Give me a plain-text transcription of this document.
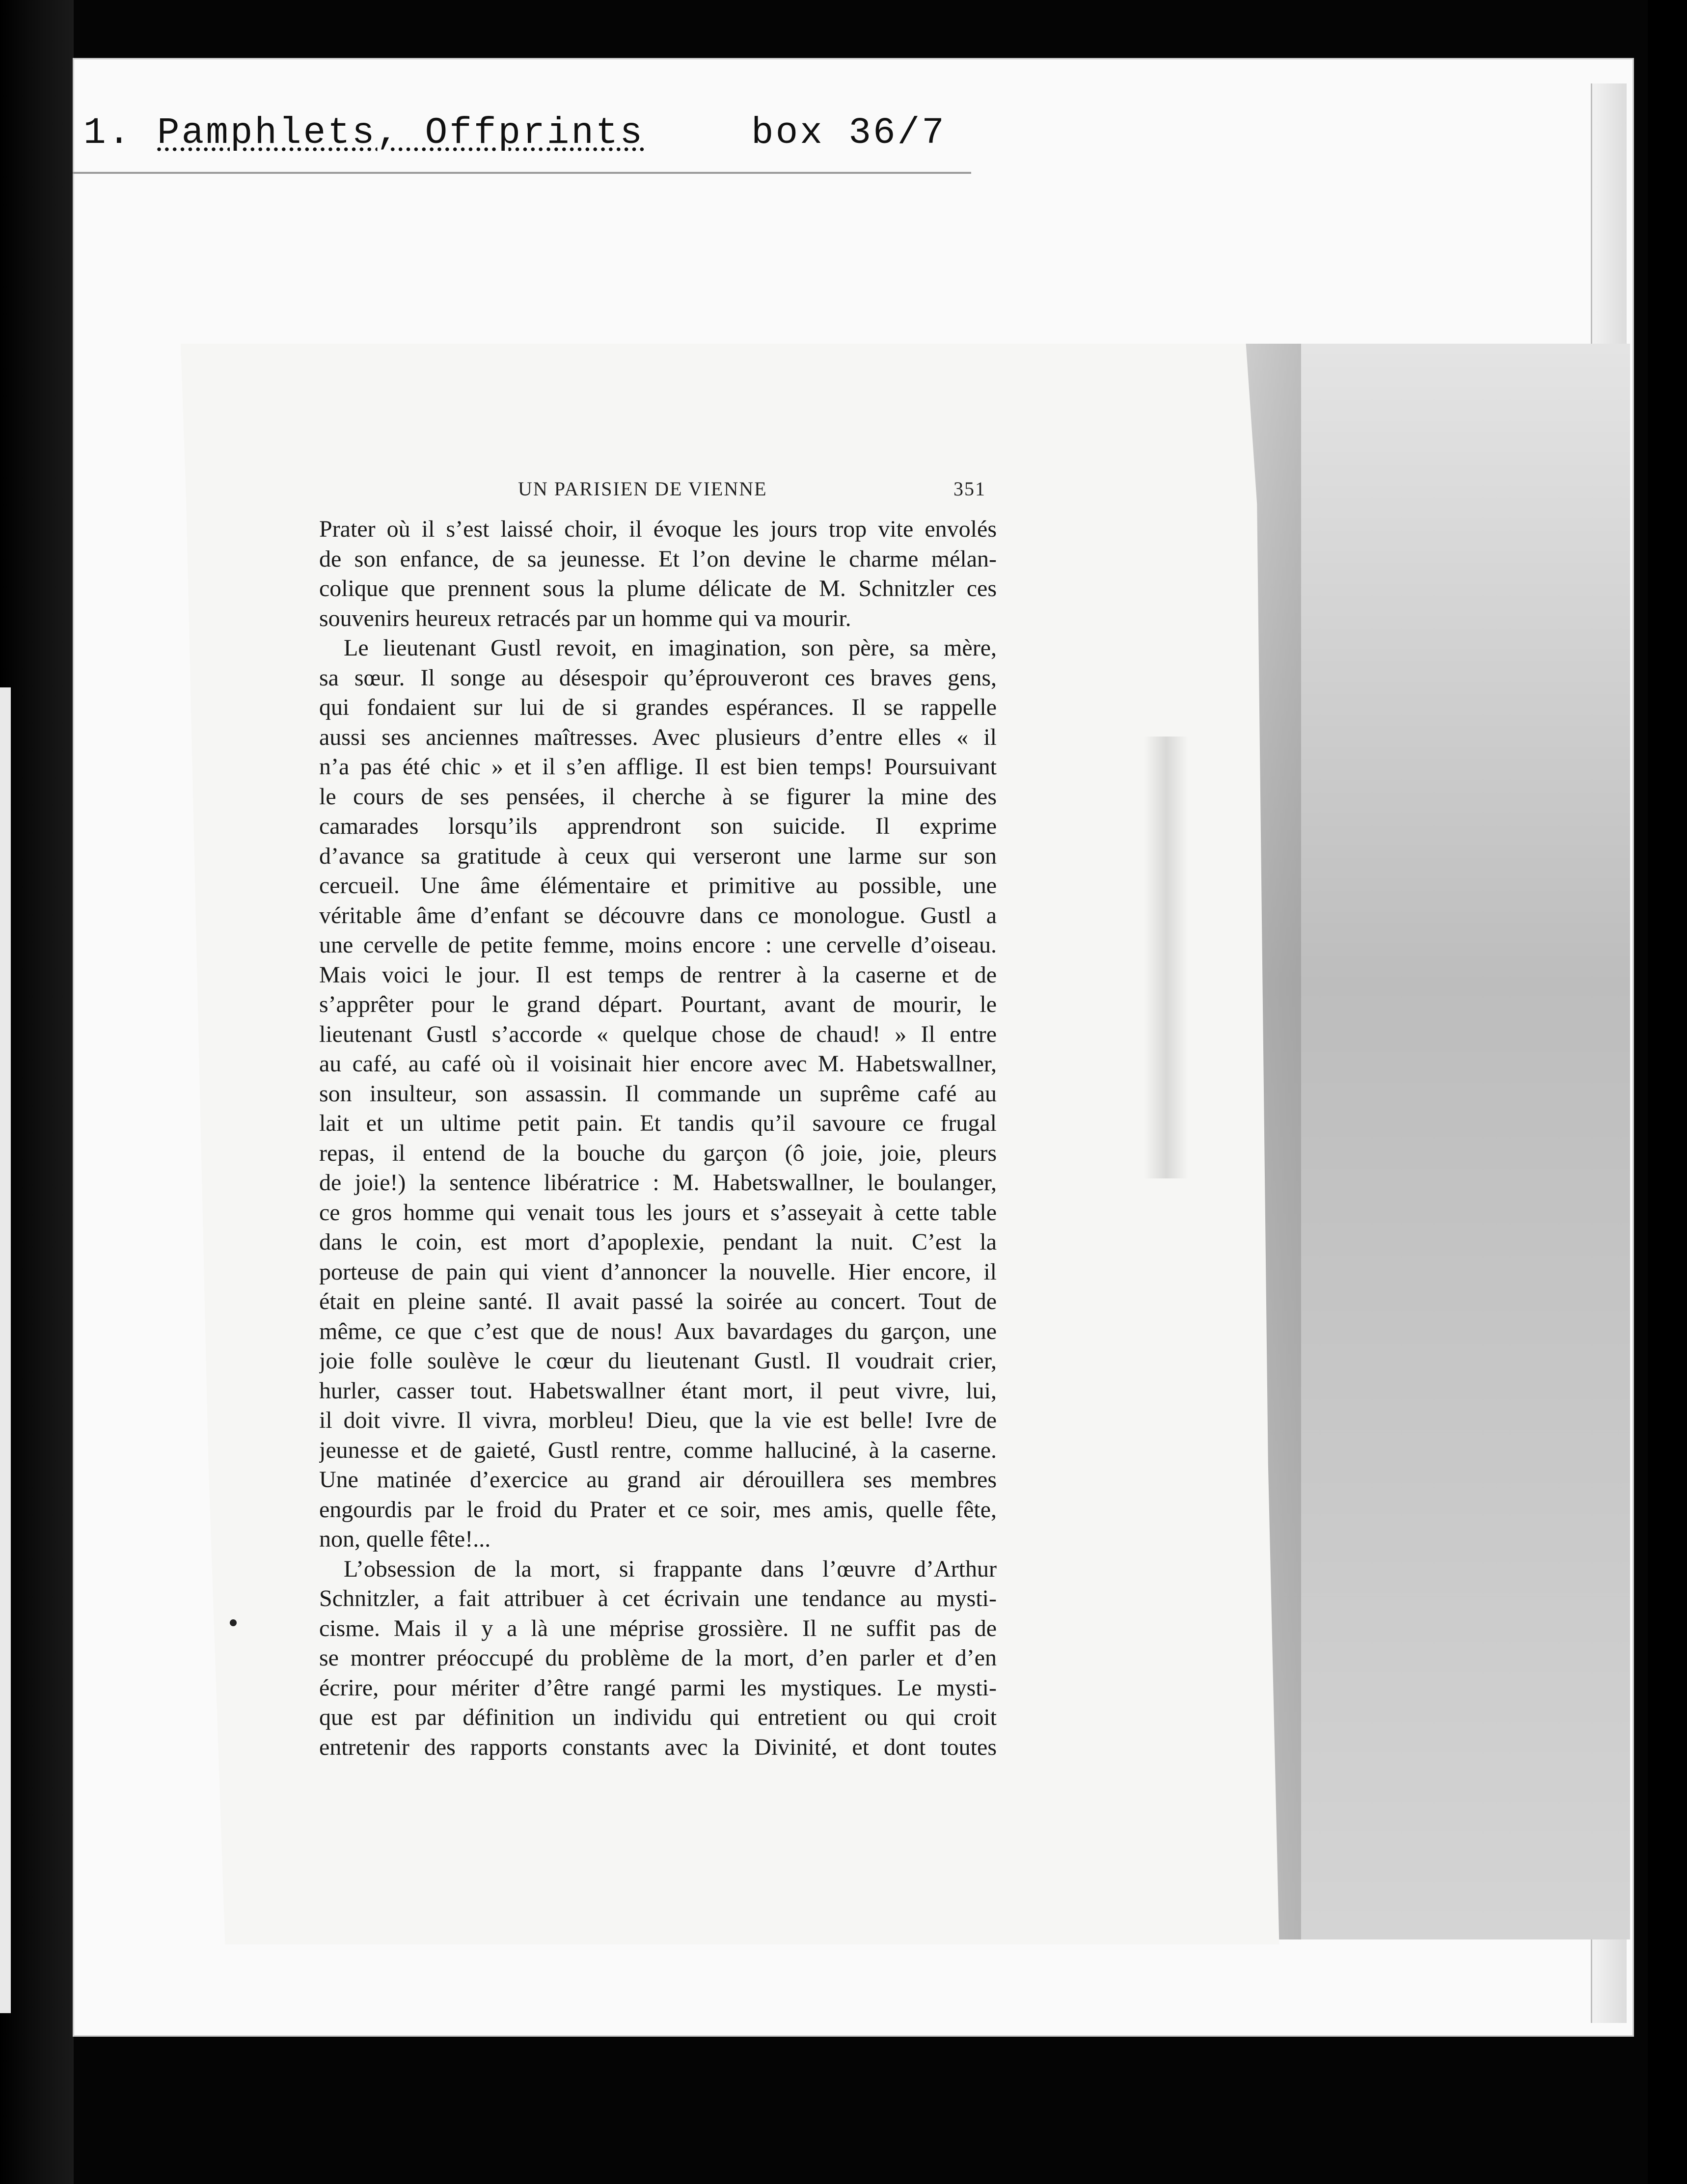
1. Pamphlets, Offprints	box 36/7
UN PARISIEN DE VIENNE	351
Prater où il s’est laissé choir, il évoque les jours trop vite envolés
de son enfance, de sa jeunesse. Et l’on devine le charme mélan-
colique que prennent sous la plume délicate de M. Schnitzler ces
souvenirs heureux retracés par un homme qui va mourir.
Le lieutenant Gustl revoit, en imagination, son père, sa mère,
sa sœur. Il songe au désespoir qu’éprouveront ces braves gens,
qui fondaient sur lui de si grandes espérances. Il se rappelle
aussi ses anciennes maîtresses. Avec plusieurs d’entre elles « il
n’a pas été chic » et il s’en afflige. Il est bien temps! Poursuivant
le cours de ses pensées, il cherche à se figurer la mine des
camarades lorsqu’ils apprendront son suicide. Il exprime
d’avance sa gratitude à ceux qui verseront une larme sur son
cercueil. Une âme élémentaire et primitive au possible, une
véritable âme d’enfant se découvre dans ce monologue. Gustl a
une cervelle de petite femme, moins encore : une cervelle d’oiseau.
Mais voici le jour. Il est temps de rentrer à la caserne et de
s’apprêter pour le grand départ. Pourtant, avant de mourir, le
lieutenant Gustl s’accorde « quelque chose de chaud! » Il entre
au café, au café où il voisinait hier encore avec M. Habetswallner,
son insulteur, son assassin. Il commande un suprême café au
lait et un ultime petit pain. Et tandis qu’il savoure ce frugal
repas, il entend de la bouche du garçon (ô joie, joie, pleurs
de joie!) la sentence libératrice : M. Habetswallner, le boulanger,
ce gros homme qui venait tous les jours et s’asseyait à cette table
dans le coin, est mort d’apoplexie, pendant la nuit. C’est la
porteuse de pain qui vient d’annoncer la nouvelle. Hier encore, il
était en pleine santé. Il avait passé la soirée au concert. Tout de
même, ce que c’est que de nous! Aux bavardages du garçon, une
joie folle soulève le cœur du lieutenant Gustl. Il voudrait crier,
hurler, casser tout. Habetswallner étant mort, il peut vivre, lui,
il doit vivre. Il vivra, morbleu! Dieu, que la vie est belle! Ivre de
jeunesse et de gaieté, Gustl rentre, comme halluciné, à la caserne.
Une matinée d’exercice au grand air dérouillera ses membres
engourdis par le froid du Prater et ce soir, mes amis, quelle fête,
non, quelle fête!...
L’obsession de la mort, si frappante dans l’œuvre d’Arthur
Schnitzler, a fait attribuer à cet écrivain une tendance au mysti-
cisme. Mais il y a là une méprise grossière. Il ne suffit pas de
se montrer préoccupé du problème de la mort, d’en parler et d’en
écrire, pour mériter d’être rangé parmi les mystiques. Le mysti-
que est par définition un individu qui entretient ou qui croit
entretenir des rapports constants avec la Divinité, et dont toutes
